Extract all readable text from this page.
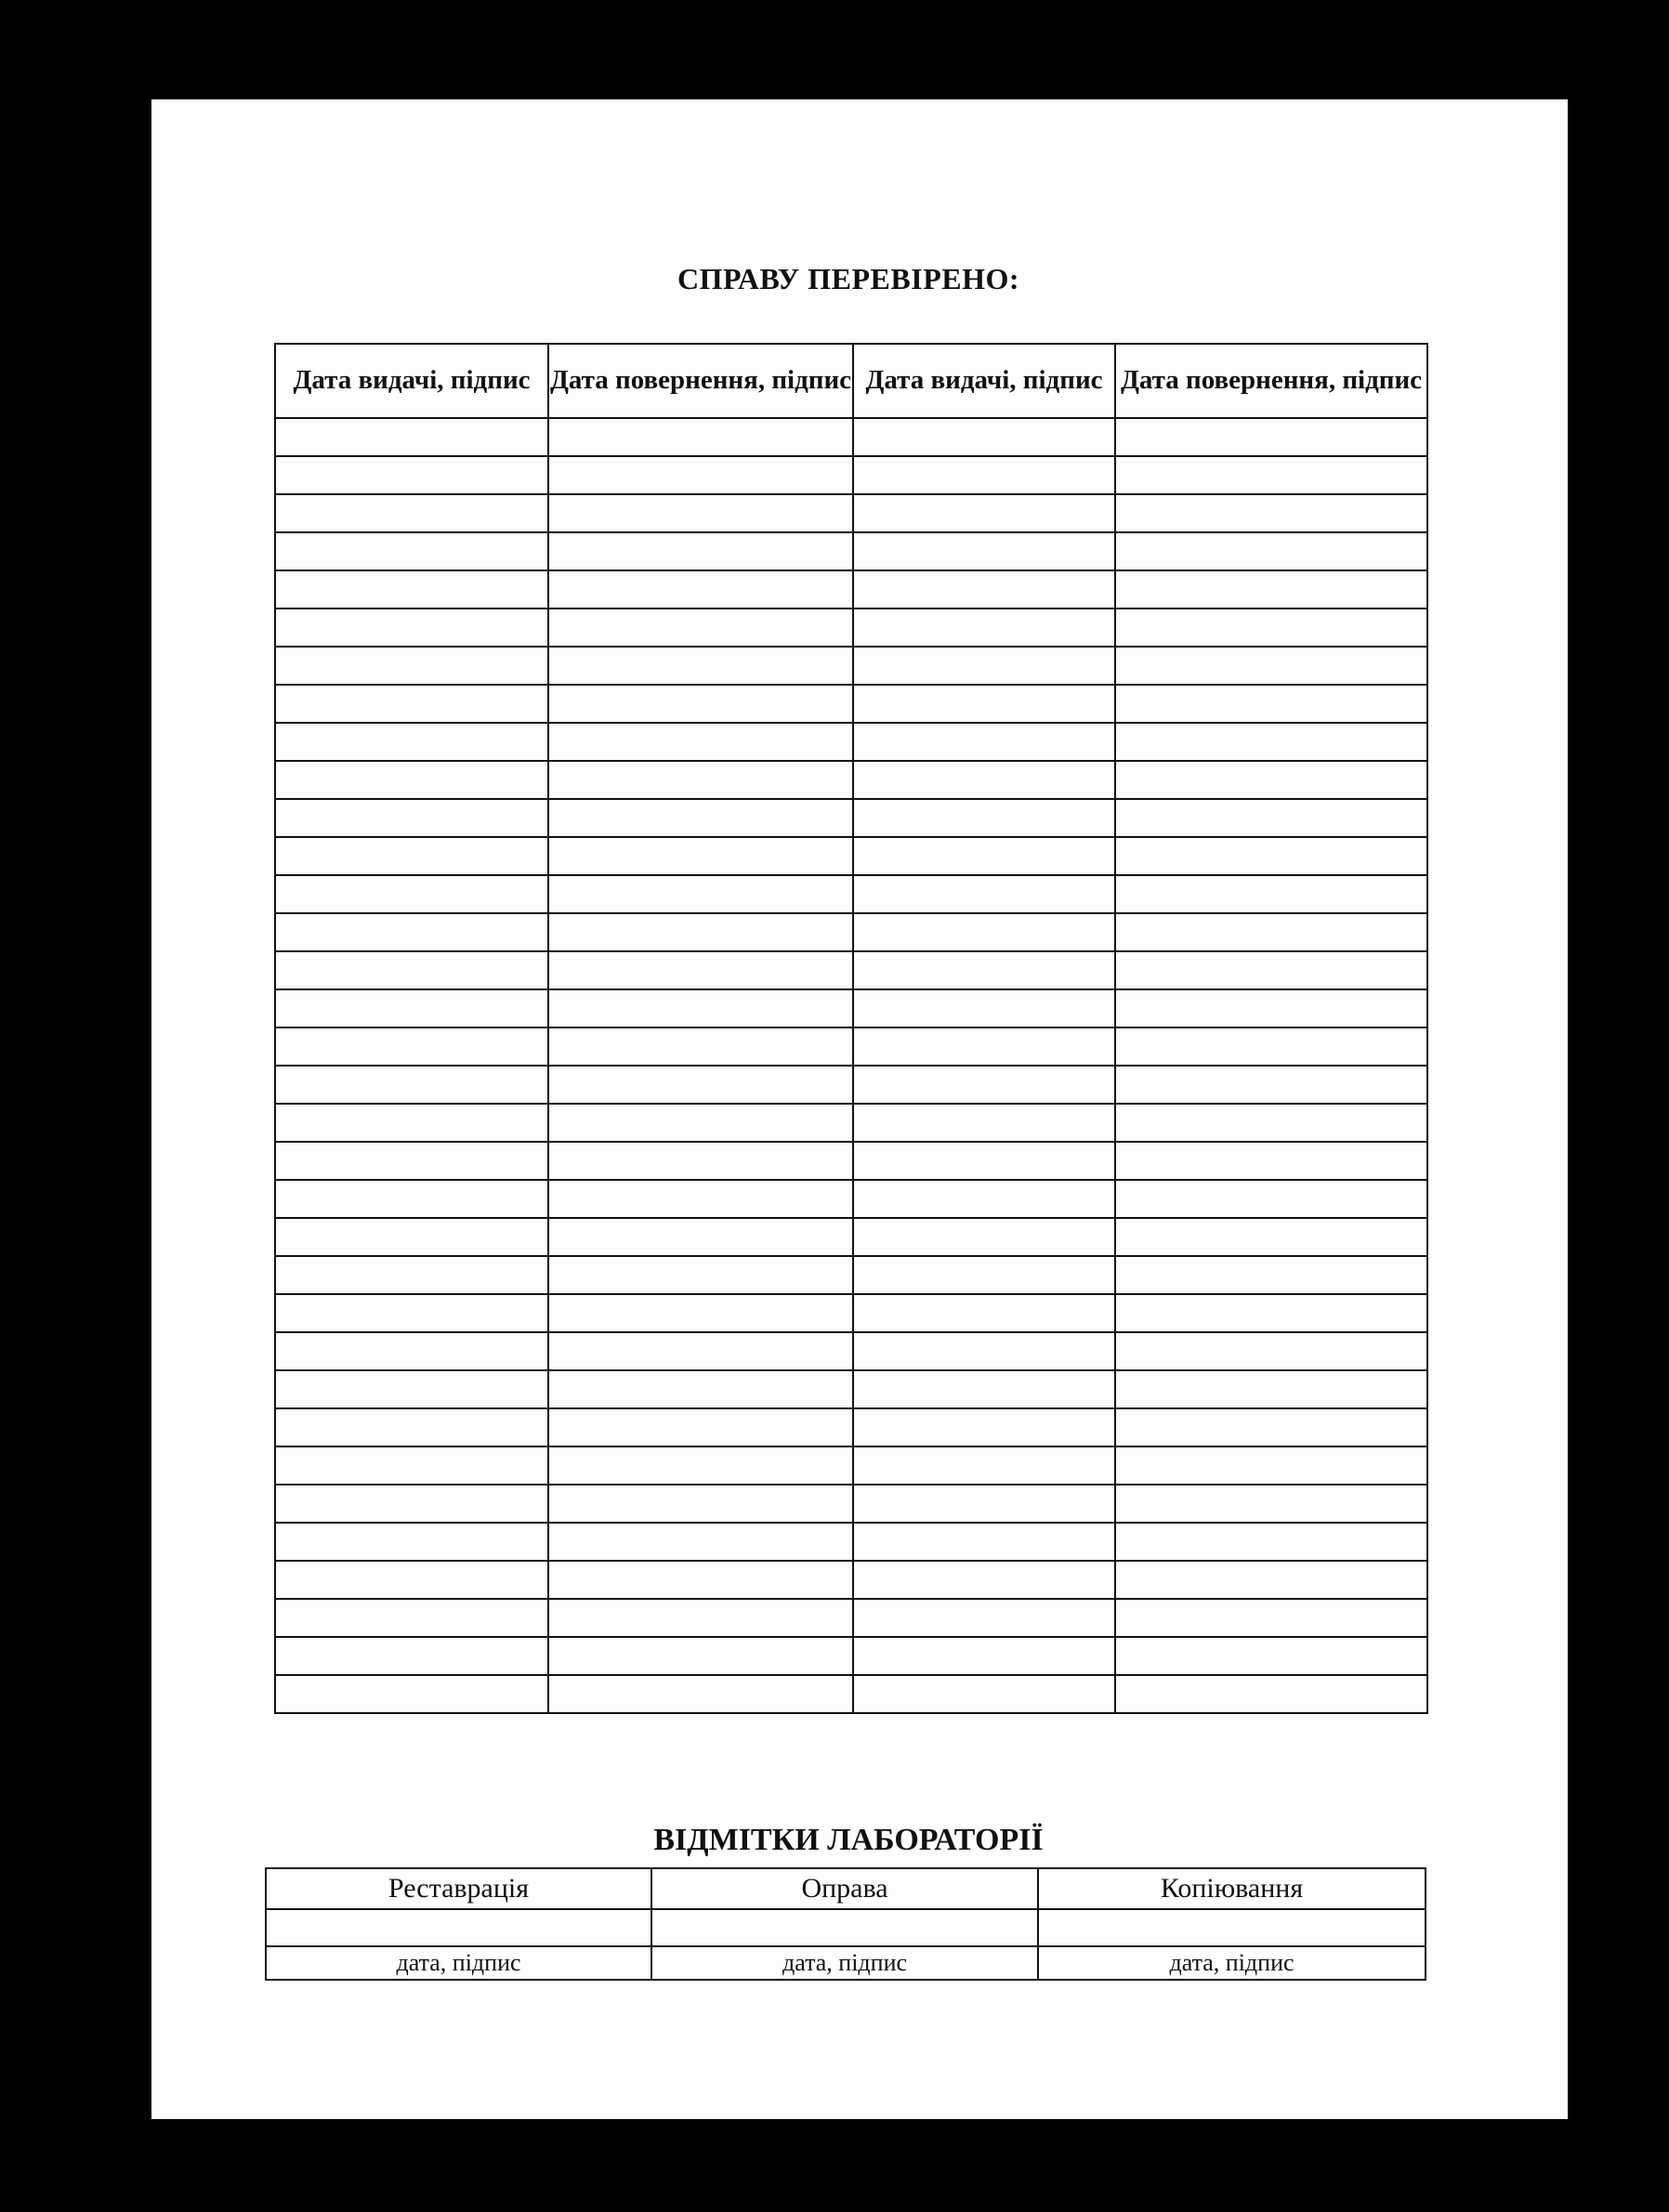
СПРАВУ ПЕРЕВІРЕНО:
Дата видачі, підпис	Дата повернення, підпис	Дата видачі, підпис	Дата повернення, підпис

ВІДМІТКИ ЛАБОРАТОРІЇ
Реставрація	Оправа	Копіювання

дата, підпис	дата, підпис	дата, підпис
